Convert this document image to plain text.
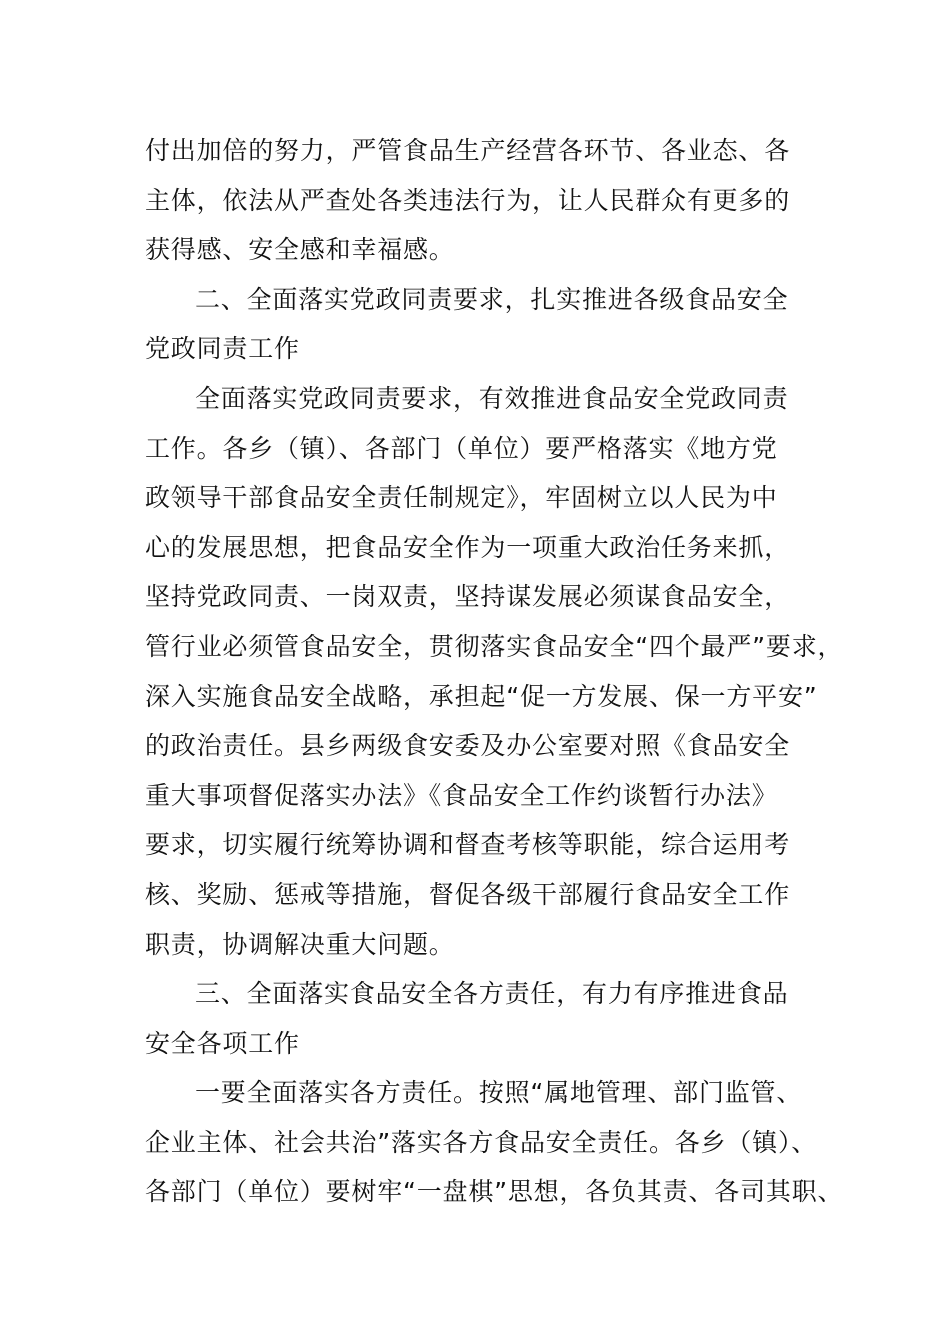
付出加倍的努力，严管食品生产经营各环节、各业态、各
主体，依法从严查处各类违法行为，让人民群众有更多的
获得感、安全感和幸福感。
二、全面落实党政同责要求，扎实推进各级食品安全
党政同责工作
全面落实党政同责要求，有效推进食品安全党政同责
工作。各乡（镇）、各部门（单位）要严格落实《地方党
政领导干部食品安全责任制规定》，牢固树立以人民为中
心的发展思想，把食品安全作为一项重大政治任务来抓，
坚持党政同责、一岗双责，坚持谋发展必须谋食品安全，
管行业必须管食品安全，贯彻落实食品安全“四个最严”要求，
深入实施食品安全战略，承担起“促一方发展、保一方平安”
的政治责任。县乡两级食安委及办公室要对照《食品安全
重大事项督促落实办法》《食品安全工作约谈暂行办法》
要求，切实履行统筹协调和督查考核等职能，综合运用考
核、奖励、惩戒等措施，督促各级干部履行食品安全工作
职责，协调解决重大问题。
三、全面落实食品安全各方责任，有力有序推进食品
安全各项工作
一要全面落实各方责任。按照“属地管理、部门监管、
企业主体、社会共治”落实各方食品安全责任。各乡（镇）、
各部门（单位）要树牢“一盘棋”思想，各负其责、各司其职、
